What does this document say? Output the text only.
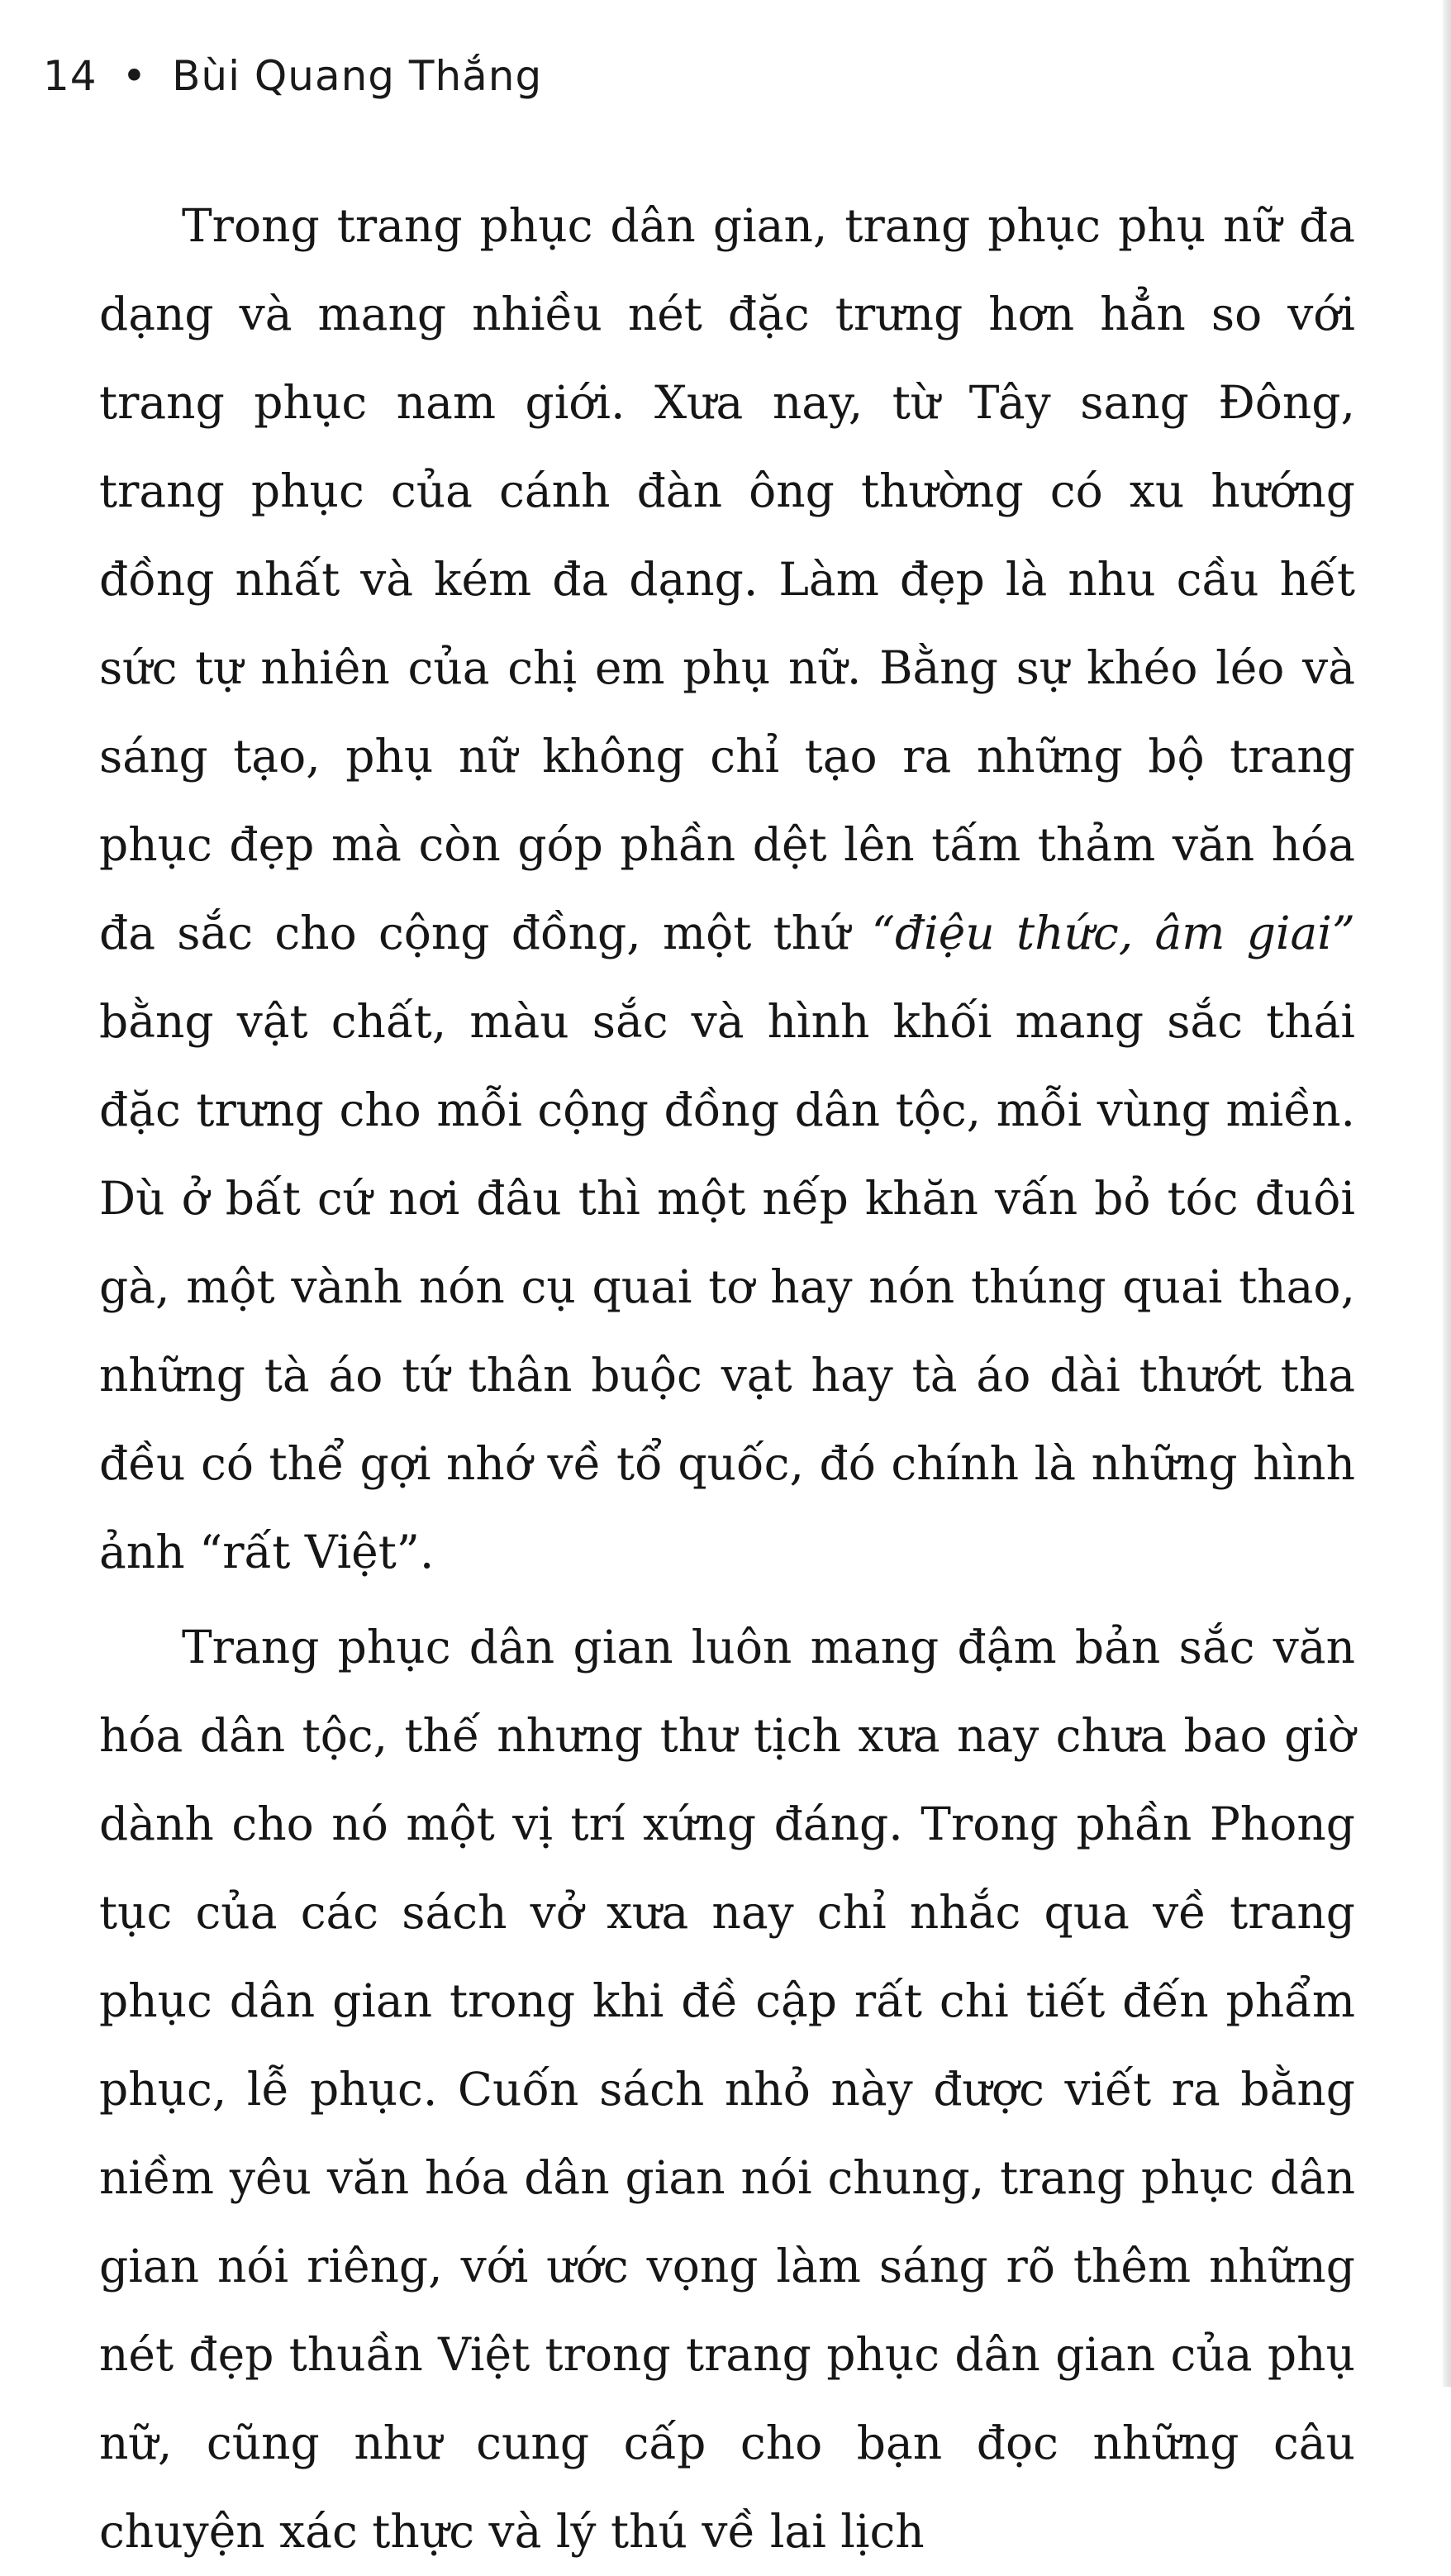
14 • Bùi Quang Thắng

Trong trang phục dân gian, trang phục phụ nữ đa dạng và mang nhiều nét đặc trưng hơn hẳn so với trang phục nam giới. Xưa nay, từ Tây sang Đông, trang phục của cánh đàn ông thường có xu hướng đồng nhất và kém đa dạng. Làm đẹp là nhu cầu hết sức tự nhiên của chị em phụ nữ. Bằng sự khéo léo và sáng tạo, phụ nữ không chỉ tạo ra những bộ trang phục đẹp mà còn góp phần dệt lên tấm thảm văn hóa đa sắc cho cộng đồng, một thứ “điệu thức, âm giai” bằng vật chất, màu sắc và hình khối mang sắc thái đặc trưng cho mỗi cộng đồng dân tộc, mỗi vùng miền. Dù ở bất cứ nơi đâu thì một nếp khăn vấn bỏ tóc đuôi gà, một vành nón cụ quai tơ hay nón thúng quai thao, những tà áo tứ thân buộc vạt hay tà áo dài thướt tha đều có thể gợi nhớ về tổ quốc, đó chính là những hình ảnh “rất Việt”.

Trang phục dân gian luôn mang đậm bản sắc văn hóa dân tộc, thế nhưng thư tịch xưa nay chưa bao giờ dành cho nó một vị trí xứng đáng. Trong phần Phong tục của các sách vở xưa nay chỉ nhắc qua về trang phục dân gian trong khi đề cập rất chi tiết đến phẩm phục, lễ phục. Cuốn sách nhỏ này được viết ra bằng niềm yêu văn hóa dân gian nói chung, trang phục dân gian nói riêng, với ước vọng làm sáng rõ thêm những nét đẹp thuần Việt trong trang phục dân gian của phụ nữ, cũng như cung cấp cho bạn đọc những câu chuyện xác thực và lý thú về lai lịch
